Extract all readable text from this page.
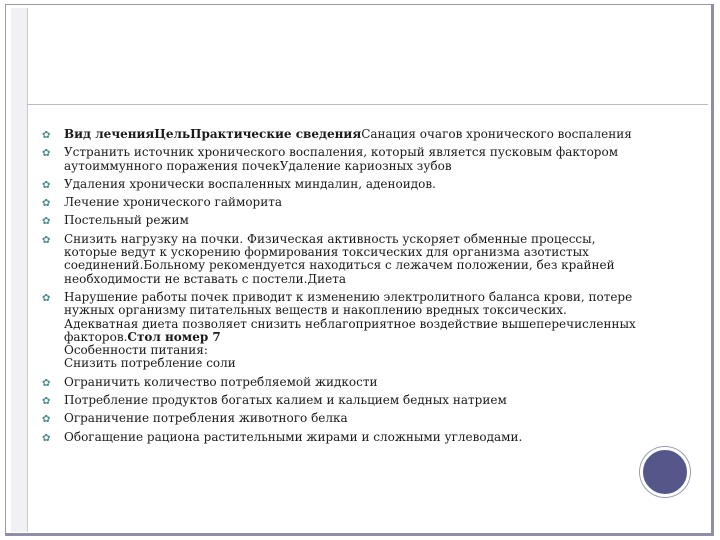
✿ Вид леченияЦельПрактические сведенияСанация очагов хронического воспаления
✿ Устранить источник хронического воспаления, который является пусковым фактором аутоиммунного поражения почекУдаление кариозных зубов
✿ Удаления хронически воспаленных миндалин, аденоидов.
✿ Лечение хронического гайморита
✿ Постельный режим
✿ Снизить нагрузку на почки. Физическая активность ускоряет обменные процессы, которые ведут к ускорению формирования токсических для организма азотистых соединений.Больному рекомендуется находиться с лежачем положении, без крайней необходимости не вставать с постели.Диета
✿ Нарушение работы почек приводит к изменению электролитного баланса крови, потере нужных организму питательных веществ и накоплению вредных токсических. Адекватная диета позволяет снизить неблагоприятное воздействие вышеперечисленных факторов.Стол номер 7
Особенности питания:
Снизить потребление соли
✿ Ограничить количество потребляемой жидкости
✿ Потребление продуктов богатых калием и кальцием бедных натрием
✿ Ограничение потребления животного белка
✿ Обогащение рациона растительными жирами и сложными углеводами.
